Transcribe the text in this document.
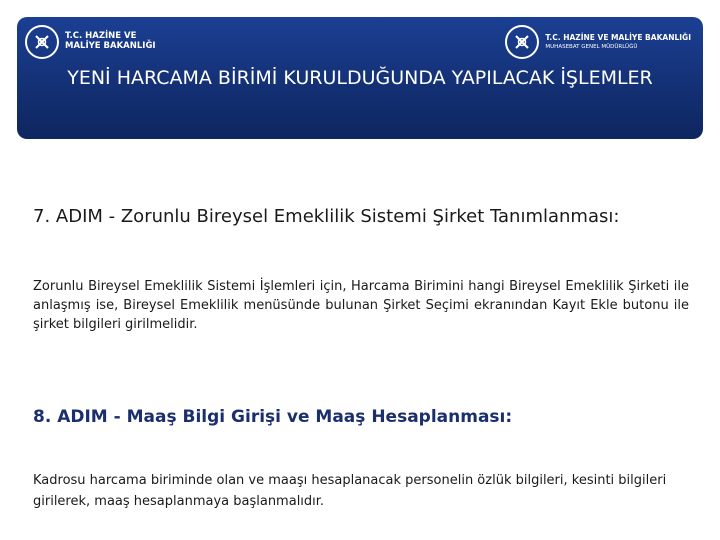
T.C. HAZİNE VE
MALİYE BAKANLIĞI
T.C. HAZİNE VE MALİYE BAKANLIĞI
MUHASEBAT GENEL MÜDÜRLÜĞÜ
YENİ HARCAMA BİRİMİ KURULDUĞUNDA YAPILACAK İŞLEMLER
7. ADIM - Zorunlu Bireysel Emeklilik Sistemi Şirket Tanımlanması:
Zorunlu Bireysel Emeklilik Sistemi İşlemleri için, Harcama Birimini hangi Bireysel Emeklilik Şirketi ile anlaşmış ise, Bireysel Emeklilik menüsünde bulunan Şirket Seçimi ekranından Kayıt Ekle butonu ile şirket bilgileri girilmelidir.
8. ADIM - Maaş Bilgi Girişi ve Maaş Hesaplanması:
Kadrosu harcama biriminde olan ve maaşı hesaplanacak personelin özlük bilgileri, kesinti bilgileri girilerek, maaş hesaplanmaya başlanmalıdır.
